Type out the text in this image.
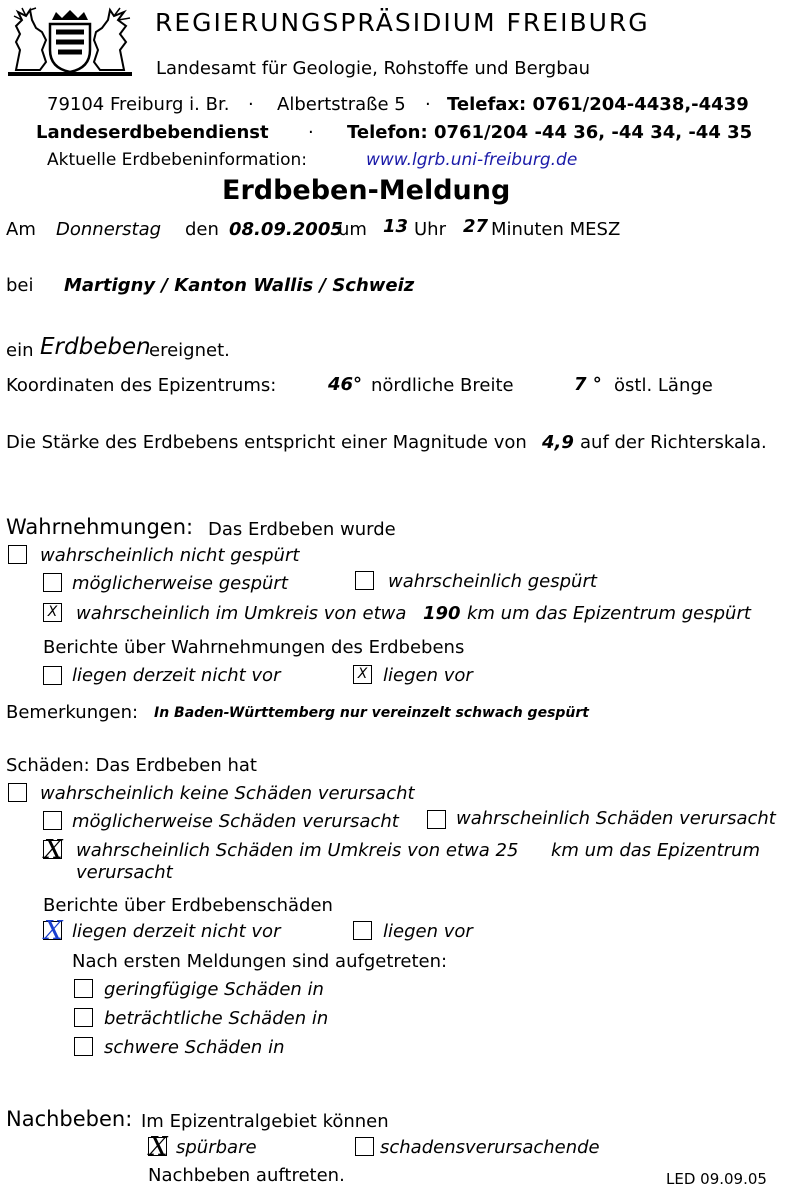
REGIERUNGSPRÄSIDIUM FREIBURG
Landesamt für Geologie, Rohstoffe und Bergbau
79104 Freiburg i. Br. · Albertstraße 5 · Telefax: 0761/204-4438,-4439
Landeserdbebendienst · Telefon: 0761/204 -44 36, -44 34, -44 35
Aktuelle Erdbebeninformation:	www.lgrb.uni-freiburg.de
Erdbeben-Meldung
Am Donnerstag den 08.09.2005
um 13 Uhr 27 Minuten MESZ
bei Martigny / Kanton Wallis / Schweiz
ein Erdbeben
ereignet.
Koordinaten des Epizentrums:	46° nördliche Breite	7 ° östl. Länge
Die Stärke des Erdbebens entspricht einer Magnitude von 4,9 auf der Richterskala.
Wahrnehmungen: Das Erdbeben wurde
wahrscheinlich nicht gespürt
möglicherweise gespürt	wahrscheinlich gespürt
X wahrscheinlich im Umkreis von etwa 190 km um das Epizentrum gespürt
Berichte über Wahrnehmungen des Erdbebens
liegen derzeit nicht vor	X liegen vor
Bemerkungen: In Baden-Württemberg nur vereinzelt schwach gespürt
Schäden: Das Erdbeben hat
wahrscheinlich keine Schäden verursacht
möglicherweise Schäden verursacht	wahrscheinlich Schäden verursacht
X wahrscheinlich Schäden im Umkreis von etwa 25 km um das Epizentrum
verursacht
Berichte über Erdbebenschäden
X liegen derzeit nicht vor	liegen vor
Nach ersten Meldungen sind aufgetreten:
geringfügige Schäden in
beträchtliche Schäden in
schwere Schäden in
Nachbeben: Im Epizentralgebiet können
X spürbare	schadensverursachende
Nachbeben auftreten.	LED 09.09.05
